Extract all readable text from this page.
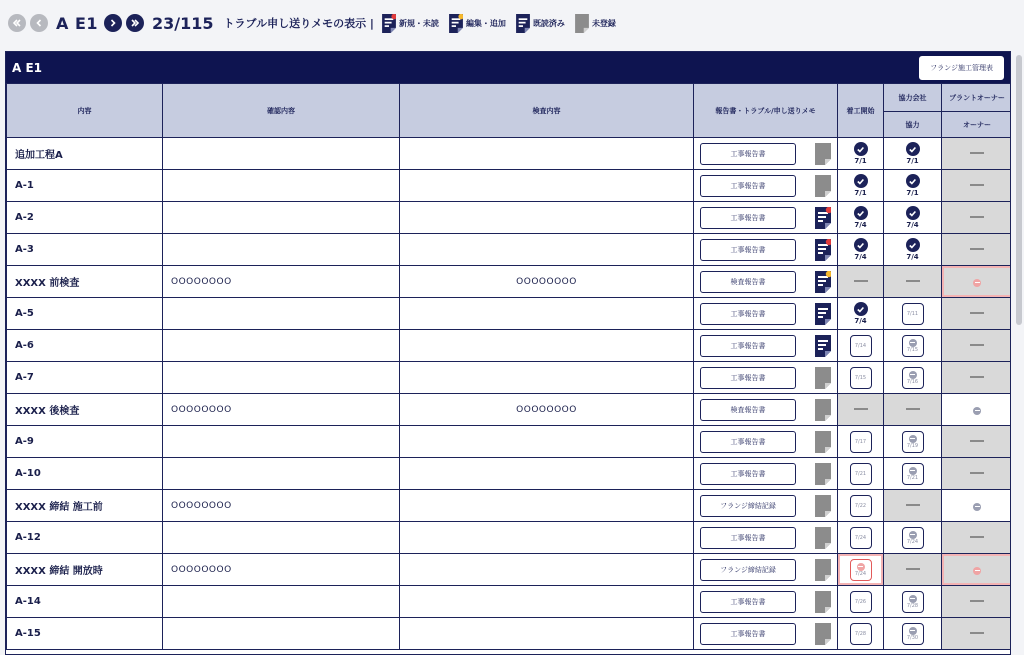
A E1	23/115 トラブル申し送りメモの表示 |	新規・未読	編集・追加	既読済み	未登録
A E1	フランジ施工管理表
内容	確認内容	検査内容	報告書・トラブル/申し送りメモ	着工開始	協力会社	プラントオーナー
					協力	オーナー
追加工程A			工事報告書	7/1	7/1	

A-1			工事報告書	7/1	7/1	

A-2			工事報告書	7/4	7/4	

A-3			工事報告書	7/4	7/4	

XXXX 前検査	OOOOOOOO	OOOOOOOO	検査報告書			

A-5			工事報告書	7/4	7/11	

A-6			工事報告書	7/14	7/15	

A-7			工事報告書	7/15	7/16	

XXXX 後検査	OOOOOOOO	OOOOOOOO	検査報告書			

A-9			工事報告書	7/17	7/19	

A-10			工事報告書	7/21	7/21	

XXXX 締結 施工前	OOOOOOOO		フランジ締結記録	7/22		

A-12			工事報告書	7/24	7/24	

XXXX 締結 開放時	OOOOOOOO		フランジ締結記録	7/24		

A-14			工事報告書	7/26	7/28	

A-15			工事報告書	7/28	7/30	
